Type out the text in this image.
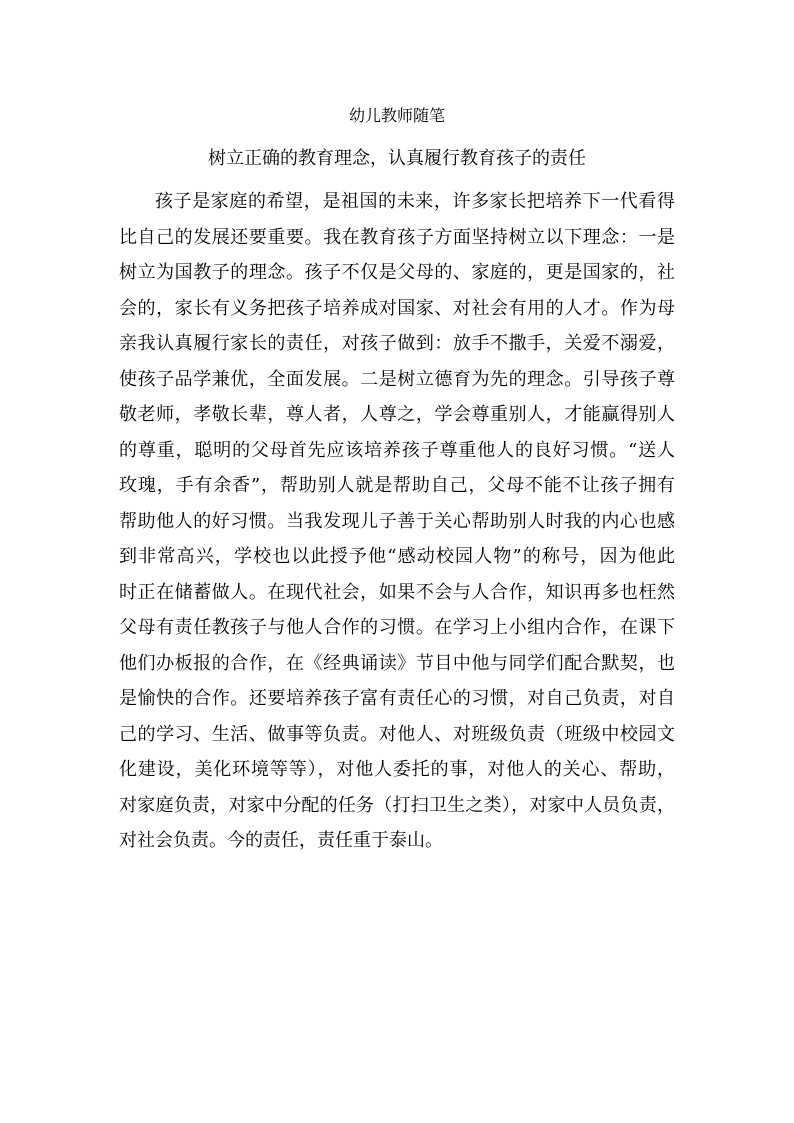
幼儿教师随笔
树立正确的教育理念，认真履行教育孩子的责任
孩子是家庭的希望，是祖国的未来，许多家长把培养下一代看得
比自己的发展还要重要。我在教育孩子方面坚持树立以下理念：一是
树立为国教子的理念。孩子不仅是父母的、家庭的，更是国家的，社
会的，家长有义务把孩子培养成对国家、对社会有用的人才。作为母
亲我认真履行家长的责任，对孩子做到：放手不撒手，关爱不溺爱，
使孩子品学兼优，全面发展。二是树立德育为先的理念。引导孩子尊
敬老师，孝敬长辈，尊人者，人尊之，学会尊重别人，才能赢得别人
的尊重，聪明的父母首先应该培养孩子尊重他人的良好习惯。“送人
玫瑰，手有余香”，帮助别人就是帮助自己，父母不能不让孩子拥有
帮助他人的好习惯。当我发现儿子善于关心帮助别人时我的内心也感
到非常高兴，学校也以此授予他“感动校园人物”的称号，因为他此
时正在储蓄做人。在现代社会，如果不会与人合作，知识再多也枉然
父母有责任教孩子与他人合作的习惯。在学习上小组内合作，在课下
他们办板报的合作，在《经典诵读》节目中他与同学们配合默契，也
是愉快的合作。还要培养孩子富有责任心的习惯，对自己负责，对自
己的学习、生活、做事等负责。对他人、对班级负责（班级中校园文
化建设，美化环境等等），对他人委托的事，对他人的关心、帮助，
对家庭负责，对家中分配的任务（打扫卫生之类），对家中人员负责，
对社会负责。今的责任，责任重于泰山。
